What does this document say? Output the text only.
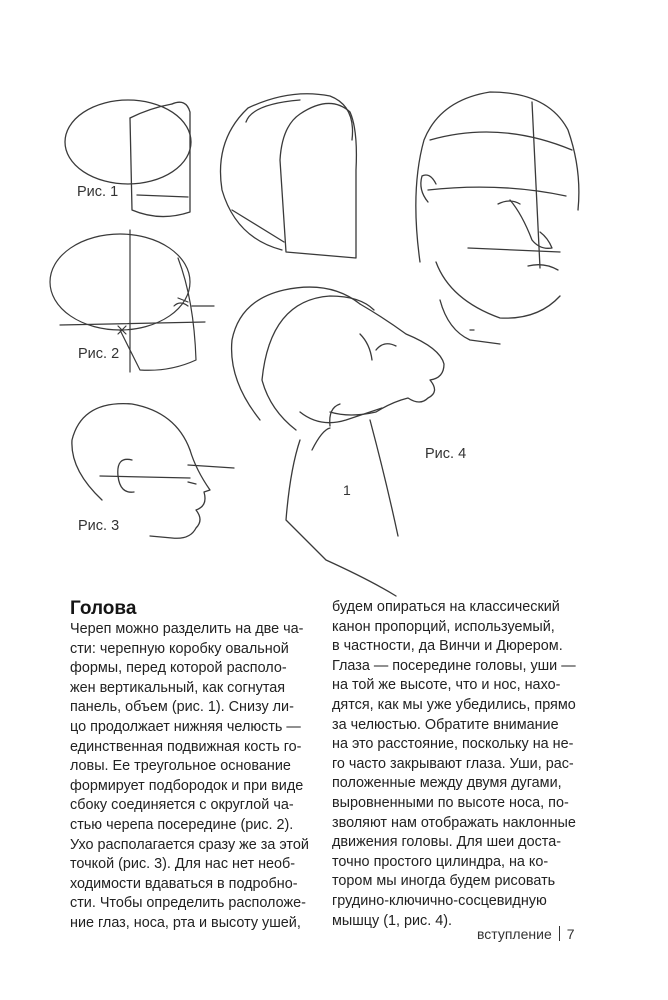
Рис. 1
Рис. 2
Рис. 3
Рис. 4
1
Голова
Череп можно разделить на две ча-
сти: черепную коробку овальной
формы, перед которой располо-
жен вертикальный, как согнутая
панель, объем (рис. 1). Снизу ли-
цо продолжает нижняя челюсть —
единственная подвижная кость го-
ловы. Ее треугольное основание
формирует подбородок и при виде
сбоку соединяется с округлой ча-
стью черепа посередине (рис. 2).
Ухо располагается сразу же за этой
точкой (рис. 3). Для нас нет необ-
ходимости вдаваться в подробно-
сти. Чтобы определить расположе-
ние глаз, носа, рта и высоту ушей,
будем опираться на классический
канон пропорций, используемый,
в частности, да Винчи и Дюрером.
Глаза — посередине головы, уши —
на той же высоте, что и нос, нахо-
дятся, как мы уже убедились, прямо
за челюстью. Обратите внимание
на это расстояние, поскольку на не-
го часто закрывают глаза. Уши, рас-
положенные между двумя дугами,
выровненными по высоте носа, по-
зволяют нам отображать наклонные
движения головы. Для шеи доста-
точно простого цилиндра, на ко-
тором мы иногда будем рисовать
грудино-ключично-сосцевидную
мышцу (1, рис. 4).
вступление 7
